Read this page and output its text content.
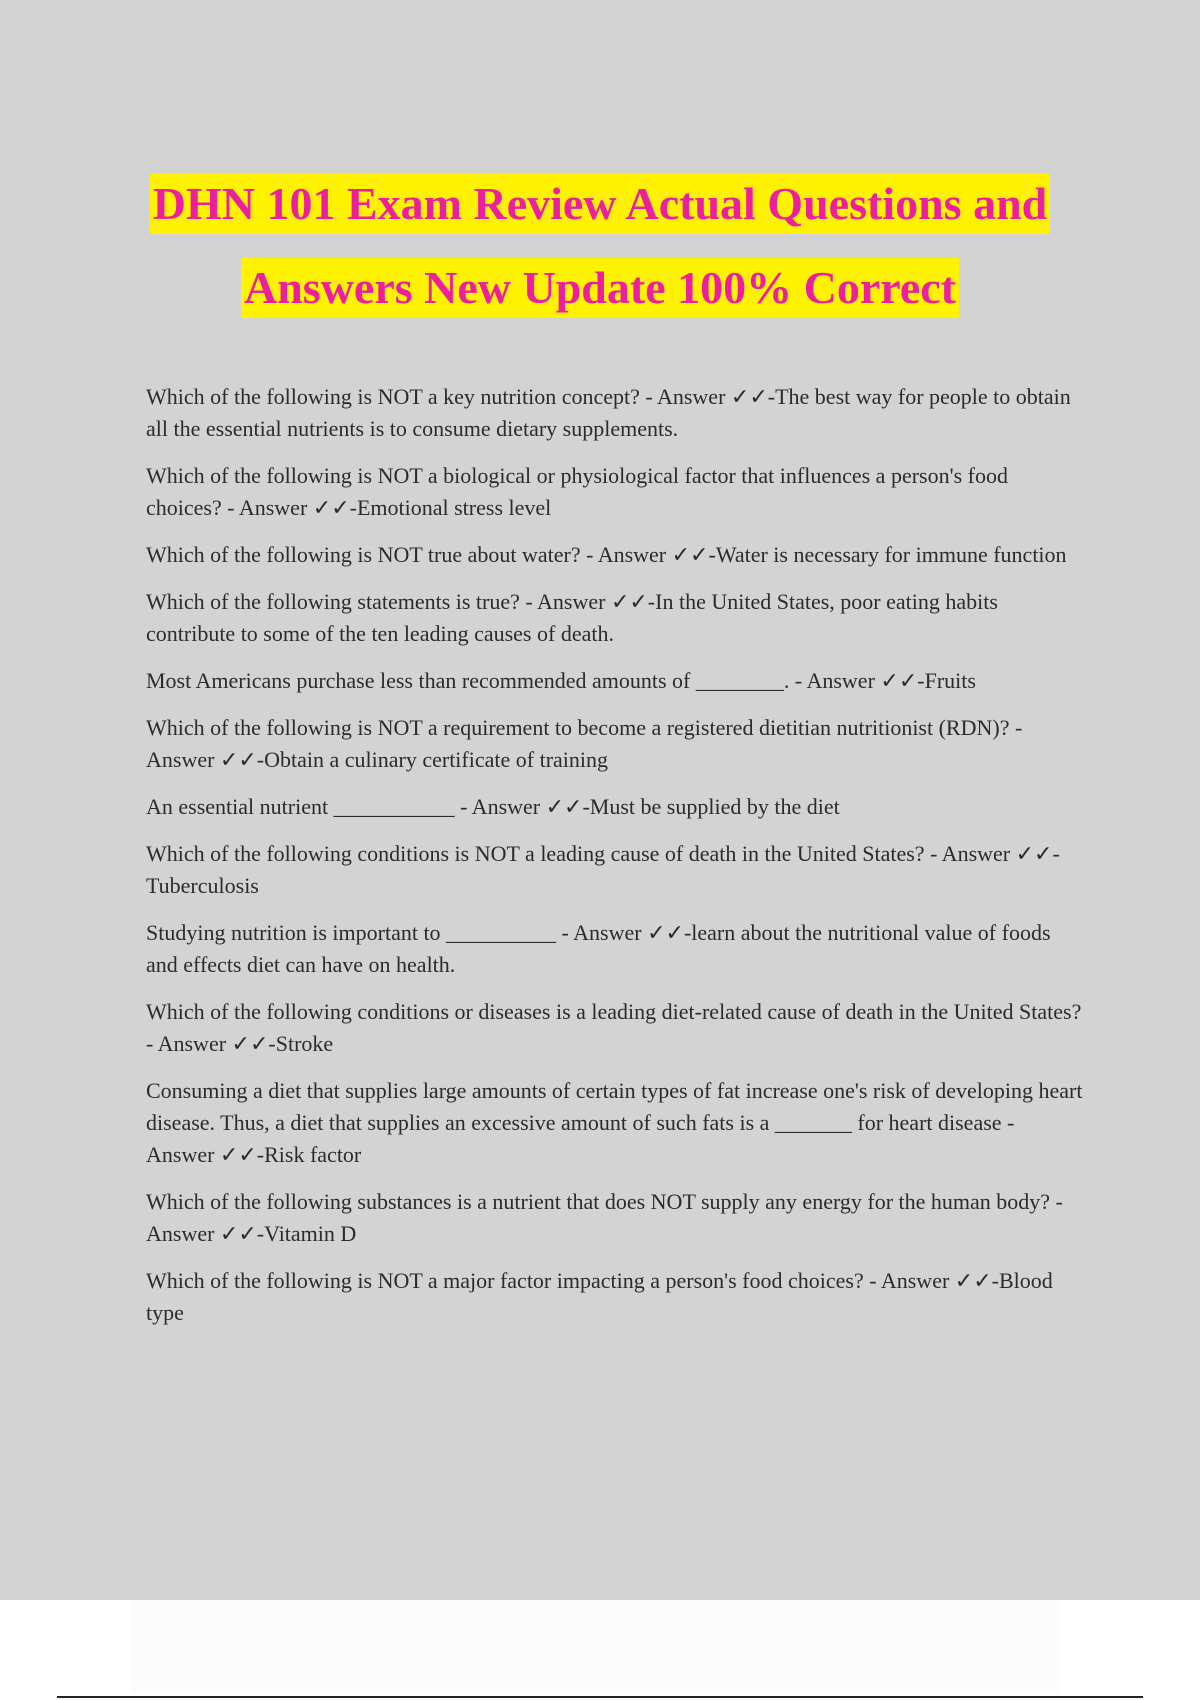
DHN 101 Exam Review Actual Questions and
Answers New Update 100% Correct

Which of the following is NOT a key nutrition concept? - Answer ✓✓-The best way for people to obtain all the essential nutrients is to consume dietary supplements.

Which of the following is NOT a biological or physiological factor that influences a person's food choices? - Answer ✓✓-Emotional stress level

Which of the following is NOT true about water? - Answer ✓✓-Water is necessary for immune function

Which of the following statements is true? - Answer ✓✓-In the United States, poor eating habits contribute to some of the ten leading causes of death.

Most Americans purchase less than recommended amounts of ________. - Answer ✓✓-Fruits

Which of the following is NOT a requirement to become a registered dietitian nutritionist (RDN)? - Answer ✓✓-Obtain a culinary certificate of training

An essential nutrient ___________ - Answer ✓✓-Must be supplied by the diet

Which of the following conditions is NOT a leading cause of death in the United States? - Answer ✓✓-Tuberculosis

Studying nutrition is important to __________ - Answer ✓✓-learn about the nutritional value of foods and effects diet can have on health.

Which of the following conditions or diseases is a leading diet-related cause of death in the United States? - Answer ✓✓-Stroke

Consuming a diet that supplies large amounts of certain types of fat increase one's risk of developing heart disease. Thus, a diet that supplies an excessive amount of such fats is a _______ for heart disease - Answer ✓✓-Risk factor

Which of the following substances is a nutrient that does NOT supply any energy for the human body? - Answer ✓✓-Vitamin D

Which of the following is NOT a major factor impacting a person's food choices? - Answer ✓✓-Blood type
